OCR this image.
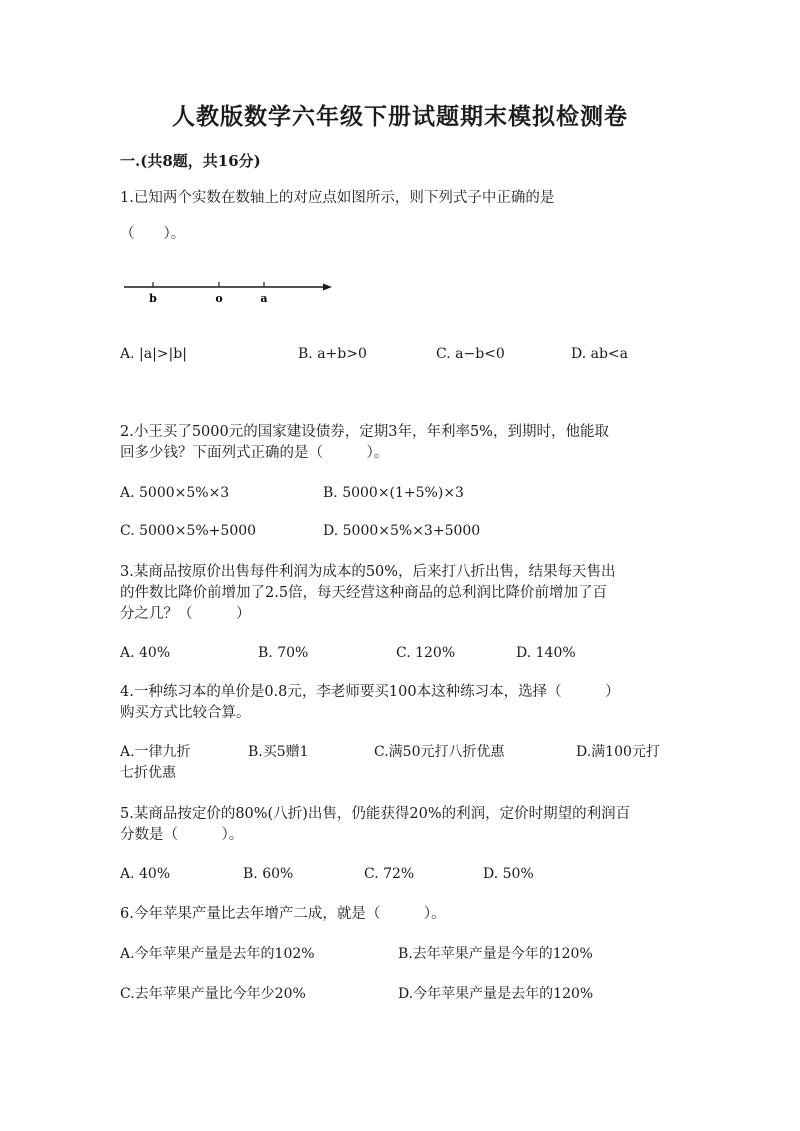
人教版数学六年级下册试题期末模拟检测卷
一.(共8题，共16分)
1.已知两个实数在数轴上的对应点如图所示，则下列式子中正确的是
（　　）。
b	o	a
A. |a|>|b|	B. a+b>0	C. a−b<0	D. ab<a
2.小王买了5000元的国家建设债券，定期3年，年利率5%，到期时，他能取
回多少钱？下面列式正确的是（　　　）。
A. 5000×5%×3	B. 5000×(1+5%)×3
C. 5000×5%+5000	D. 5000×5%×3+5000
3.某商品按原价出售每件利润为成本的50%，后来打八折出售，结果每天售出
的件数比降价前增加了2.5倍，每天经营这种商品的总利润比降价前增加了百
分之几？（　　　）
A. 40%	B. 70%	C. 120%	D. 140%
4.一种练习本的单价是0.8元，李老师要买100本这种练习本，选择（　　　）
购买方式比较合算。
A.一律九折	B.买5赠1	C.满50元打八折优惠	D.满100元打
七折优惠
5.某商品按定价的80%(八折)出售，仍能获得20%的利润，定价时期望的利润百
分数是（　　　）。
A. 40%	B. 60%	C. 72%	D. 50%
6.今年苹果产量比去年增产二成，就是（　　　）。
A.今年苹果产量是去年的102%	B.去年苹果产量是今年的120%
C.去年苹果产量比今年少20%	D.今年苹果产量是去年的120%
